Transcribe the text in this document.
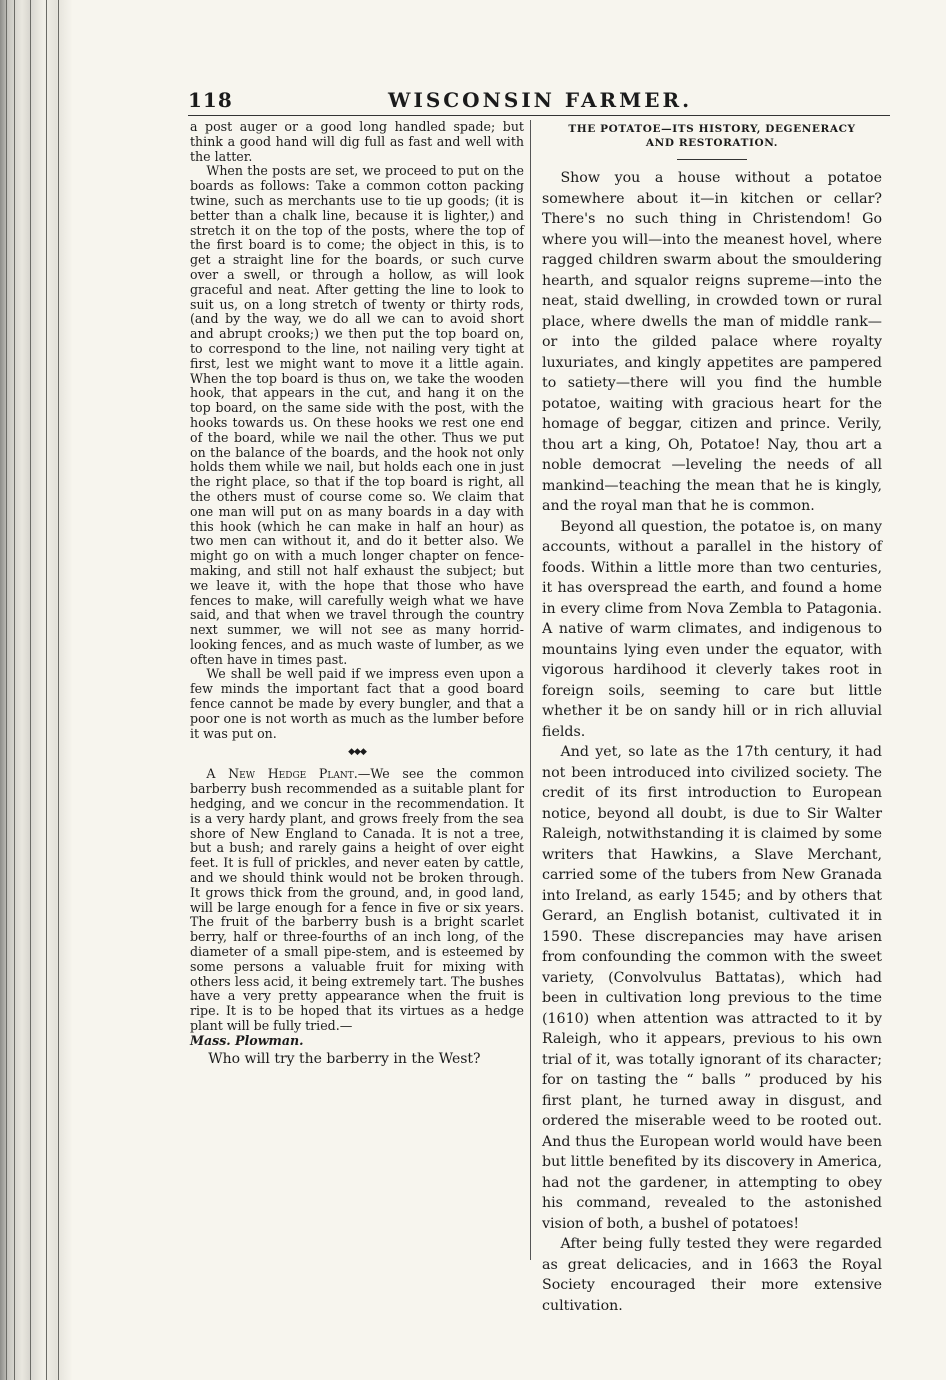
118	WISCONSIN FARMER.

a post auger or a good long handled spade; but think a good hand will dig full as fast and well with the latter.

When the posts are set, we proceed to put on the boards as follows: Take a common cotton packing twine, such as merchants use to tie up goods; (it is better than a chalk line, because it is lighter,) and stretch it on the top of the posts, where the top of the first board is to come; the object in this, is to get a straight line for the boards, or such curve over a swell, or through a hollow, as will look graceful and neat. After getting the line to look to suit us, on a long stretch of twenty or thirty rods, (and by the way, we do all we can to avoid short and abrupt crooks;) we then put the top board on, to correspond to the line, not nailing very tight at first, lest we might want to move it a little again. When the top board is thus on, we take the wooden hook, that appears in the cut, and hang it on the top board, on the same side with the post, with the hooks towards us. On these hooks we rest one end of the board, while we nail the other. Thus we put on the balance of the boards, and the hook not only holds them while we nail, but holds each one in just the right place, so that if the top board is right, all the others must of course come so. We claim that one man will put on as many boards in a day with this hook (which he can make in half an hour) as two men can without it, and do it better also. We might go on with a much longer chapter on fence-making, and still not half exhaust the subject; but we leave it, with the hope that those who have fences to make, will carefully weigh what we have said, and that when we travel through the country next summer, we will not see as many horrid-looking fences, and as much waste of lumber, as we often have in times past.

We shall be well paid if we impress even upon a few minds the important fact that a good board fence cannot be made by every bungler, and that a poor one is not worth as much as the lumber before it was put on.

◆◆◆

A New Hedge Plant.—We see the common barberry bush recommended as a suitable plant for hedging, and we concur in the recommendation. It is a very hardy plant, and grows freely from the sea shore of New England to Canada. It is not a tree, but a bush; and rarely gains a height of over eight feet. It is full of prickles, and never eaten by cattle, and we should think would not be broken through. It grows thick from the ground, and, in good land, will be large enough for a fence in five or six years. The fruit of the barberry bush is a bright scarlet berry, half or three-fourths of an inch long, of the diameter of a small pipe-stem, and is esteemed by some persons a valuable fruit for mixing with others less acid, it being extremely tart. The bushes have a very pretty appearance when the fruit is ripe. It is to be hoped that its virtues as a hedge plant will be fully tried.—

Mass. Plowman.

Who will try the barberry in the West?

THE POTATOE—ITS HISTORY, DEGENERACY
AND RESTORATION.

Show you a house without a potatoe somewhere about it—in kitchen or cellar? There's no such thing in Christendom! Go where you will—into the meanest hovel, where ragged children swarm about the smouldering hearth, and squalor reigns supreme—into the neat, staid dwelling, in crowded town or rural place, where dwells the man of middle rank—or into the gilded palace where royalty luxuriates, and kingly appetites are pampered to satiety—there will you find the humble potatoe, waiting with gracious heart for the homage of beggar, citizen and prince. Verily, thou art a king, Oh, Potatoe! Nay, thou art a noble democrat —leveling the needs of all mankind—teaching the mean that he is kingly, and the royal man that he is common.

Beyond all question, the potatoe is, on many accounts, without a parallel in the history of foods. Within a little more than two centuries, it has overspread the earth, and found a home in every clime from Nova Zembla to Patagonia. A native of warm climates, and indigenous to mountains lying even under the equator, with vigorous hardihood it cleverly takes root in foreign soils, seeming to care but little whether it be on sandy hill or in rich alluvial fields.

And yet, so late as the 17th century, it had not been introduced into civilized society. The credit of its first introduction to European notice, beyond all doubt, is due to Sir Walter Raleigh, notwithstanding it is claimed by some writers that Hawkins, a Slave Merchant, carried some of the tubers from New Granada into Ireland, as early 1545; and by others that Gerard, an English botanist, cultivated it in 1590. These discrepancies may have arisen from confounding the common with the sweet variety, (Convolvulus Battatas), which had been in cultivation long previous to the time (1610) when attention was attracted to it by Raleigh, who it appears, previous to his own trial of it, was totally ignorant of its character; for on tasting the “ balls ” produced by his first plant, he turned away in disgust, and ordered the miserable weed to be rooted out. And thus the European world would have been but little benefited by its discovery in America, had not the gardener, in attempting to obey his command, revealed to the astonished vision of both, a bushel of potatoes!

After being fully tested they were regarded as great delicacies, and in 1663 the Royal Society encouraged their more extensive cultivation.
